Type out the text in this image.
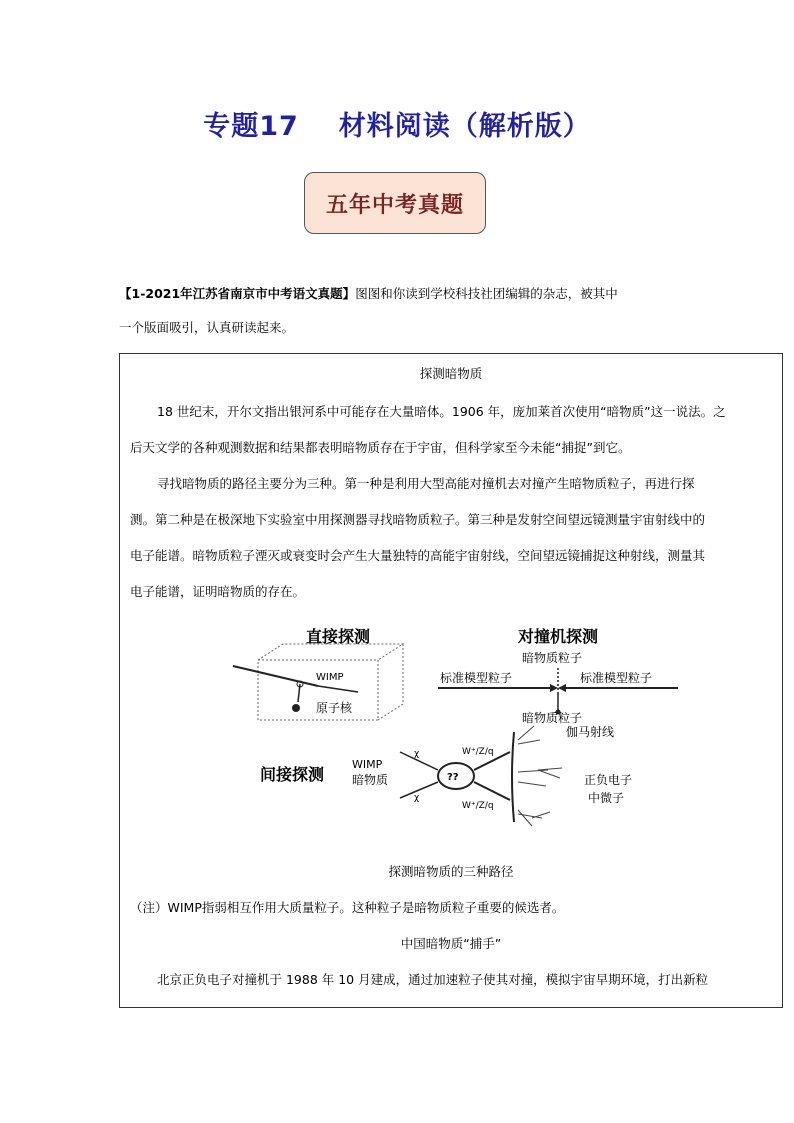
专题17 材料阅读（解析版）
五年中考真题
【1-2021年江苏省南京市中考语文真题】图图和你读到学校科技社团编辑的杂志，被其中
一个版面吸引，认真研读起来。
探测暗物质
18 世纪末，开尔文指出银河系中可能存在大量暗体。1906 年，庞加莱首次使用“暗物质”这一说法。之
后天文学的各种观测数据和结果都表明暗物质存在于宇宙，但科学家至今未能“捕捉”到它。
寻找暗物质的路径主要分为三种。第一种是利用大型高能对撞机去对撞产生暗物质粒子，再进行探
测。第二种是在极深地下实验室中用探测器寻找暗物质粒子。第三种是发射空间望远镜测量宇宙射线中的
电子能谱。暗物质粒子湮灭或衰变时会产生大量独特的高能宇宙射线，空间望远镜捕捉这种射线，测量其
电子能谱，证明暗物质的存在。
直接探测
WIMP
原子核
对撞机探测
暗物质粒子
标准模型粒子	标准模型粒子
暗物质粒子
间接探测
WIMP
暗物质
χ
χ
??
W⁺/Z/q
W⁺/Z/q
伽马射线
正负电子
中微子
探测暗物质的三种路径
（注）WIMP指弱相互作用大质量粒子。这种粒子是暗物质粒子重要的候选者。
中国暗物质“捕手”
北京正负电子对撞机于 1988 年 10 月建成，通过加速粒子使其对撞，模拟宇宙早期环境，打出新粒
